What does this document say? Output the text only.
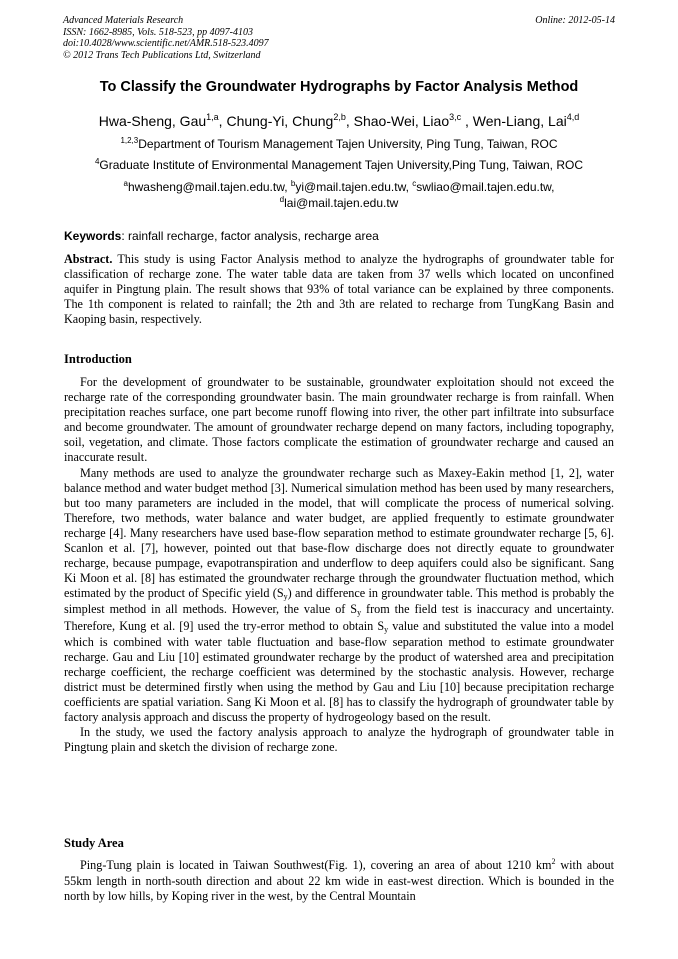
Advanced Materials Research
ISSN: 1662-8985, Vols. 518-523, pp 4097-4103
doi:10.4028/www.scientific.net/AMR.518-523.4097
© 2012 Trans Tech Publications Ltd, Switzerland
Online: 2012-05-14
To Classify the Groundwater Hydrographs by Factor Analysis Method
Hwa-Sheng, Gau$^{1,a}$, Chung-Yi, Chung$^{2,b}$, Shao-Wei, Liao$^{3,c}$ , Wen-Liang, Lai$^{4,d}$
$^{1,2,3}$Department of Tourism Management Tajen University, Ping Tung, Taiwan, ROC
$^4$Graduate Institute of Environmental Management Tajen University,Ping Tung, Taiwan, ROC
$^a$hwasheng@mail.tajen.edu.tw, $^b$yi@mail.tajen.edu.tw, $^c$swliao@mail.tajen.edu.tw,
$^d$lai@mail.tajen.edu.tw
Keywords: rainfall recharge, factor analysis, recharge area

Abstract. This study is using Factor Analysis method to analyze the hydrographs of groundwater table for classification of recharge zone. The water table data are taken from 37 wells which located on unconfined aquifer in Pingtung plain. The result shows that 93% of total variance can be explained by three components. The 1th component is related to rainfall; the 2th and 3th are related to recharge from TungKang Basin and Kaoping basin, respectively.

Introduction

For the development of groundwater to be sustainable, groundwater exploitation should not exceed the recharge rate of the corresponding groundwater basin. The main groundwater recharge is from rainfall. When precipitation reaches surface, one part become runoff flowing into river, the other part infiltrate into subsurface and become groundwater. The amount of groundwater recharge depend on many factors, including topography, soil, vegetation, and climate. Those factors complicate the estimation of groundwater recharge and caused an inaccurate result.

Many methods are used to analyze the groundwater recharge such as Maxey-Eakin method [1, 2], water balance method and water budget method [3]. Numerical simulation method has been used by many researchers, but too many parameters are included in the model, that will complicate the process of numerical solving. Therefore, two methods, water balance and water budget, are applied frequently to estimate groundwater recharge [4]. Many researchers have used base-flow separation method to estimate groundwater recharge [5, 6]. Scanlon et al. [7], however, pointed out that base-flow discharge does not directly equate to groundwater recharge, because pumpage, evapotranspiration and underflow to deep aquifers could also be significant. Sang Ki Moon et al. [8] has estimated the groundwater recharge through the groundwater fluctuation method, which estimated by the product of Specific yield $(S_y)$ and difference in groundwater table. This method is probably the simplest method in all methods. However, the value of $S_y$ from the field test is inaccuracy and uncertainty. Therefore, Kung et al. [9] used the try-error method to obtain $S_y$ value and substituted the value into a model which is combined with water table fluctuation and base-flow separation method to estimate groundwater recharge. Gau and Liu [10] estimated groundwater recharge by the product of watershed area and precipitation recharge coefficient, the recharge coefficient was determined by the stochastic analysis. However, recharge district must be determined firstly when using the method by Gau and Liu [10] because precipitation recharge coefficients are spatial variation. Sang Ki Moon et al. [8] has to classify the hydrograph of groundwater table by factory analysis approach and discuss the property of hydrogeology based on the result.

In the study, we used the factory analysis approach to analyze the hydrograph of groundwater table in Pingtung plain and sketch the division of recharge zone.

Study Area

Ping-Tung plain is located in Taiwan Southwest(Fig. 1), covering an area of about 1210 $km^2$ with about 55km length in north-south direction and about 22 km wide in east-west direction. Which is bounded in the north by low hills, by Koping river in the west, by the Central Mountain
